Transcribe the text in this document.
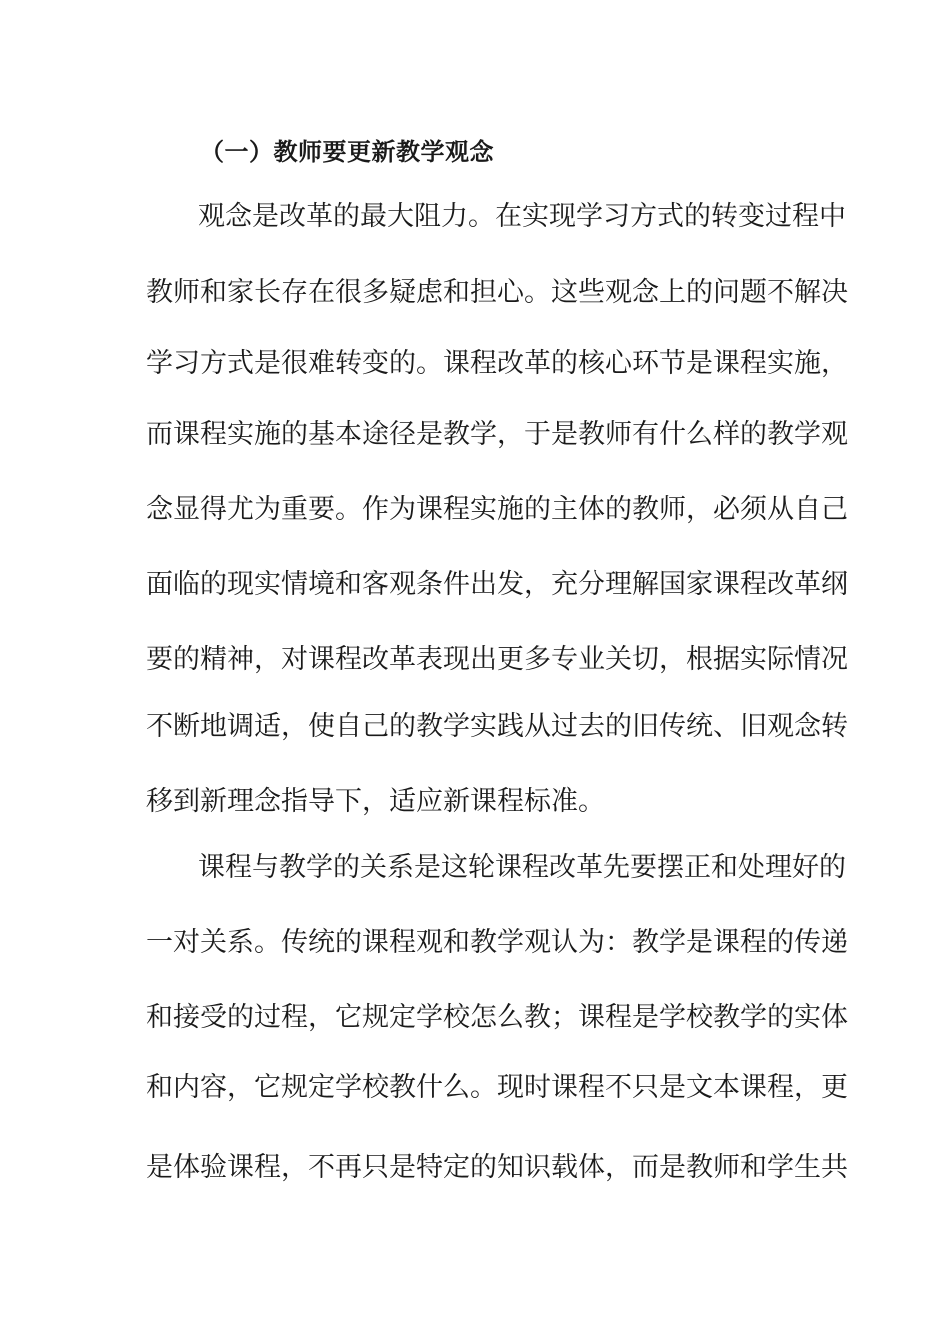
（一）教师要更新教学观念
观念是改革的最大阻力。在实现学习方式的转变过程中
教师和家长存在很多疑虑和担心。这些观念上的问题不解决
学习方式是很难转变的。课程改革的核心环节是课程实施，
而课程实施的基本途径是教学，于是教师有什么样的教学观
念显得尤为重要。作为课程实施的主体的教师，必须从自己
面临的现实情境和客观条件出发，充分理解国家课程改革纲
要的精神，对课程改革表现出更多专业关切，根据实际情况
不断地调适，使自己的教学实践从过去的旧传统、旧观念转
移到新理念指导下，适应新课程标准。
课程与教学的关系是这轮课程改革先要摆正和处理好的
一对关系。传统的课程观和教学观认为：教学是课程的传递
和接受的过程，它规定学校怎么教；课程是学校教学的实体
和内容，它规定学校教什么。现时课程不只是文本课程，更
是体验课程，不再只是特定的知识载体，而是教师和学生共
